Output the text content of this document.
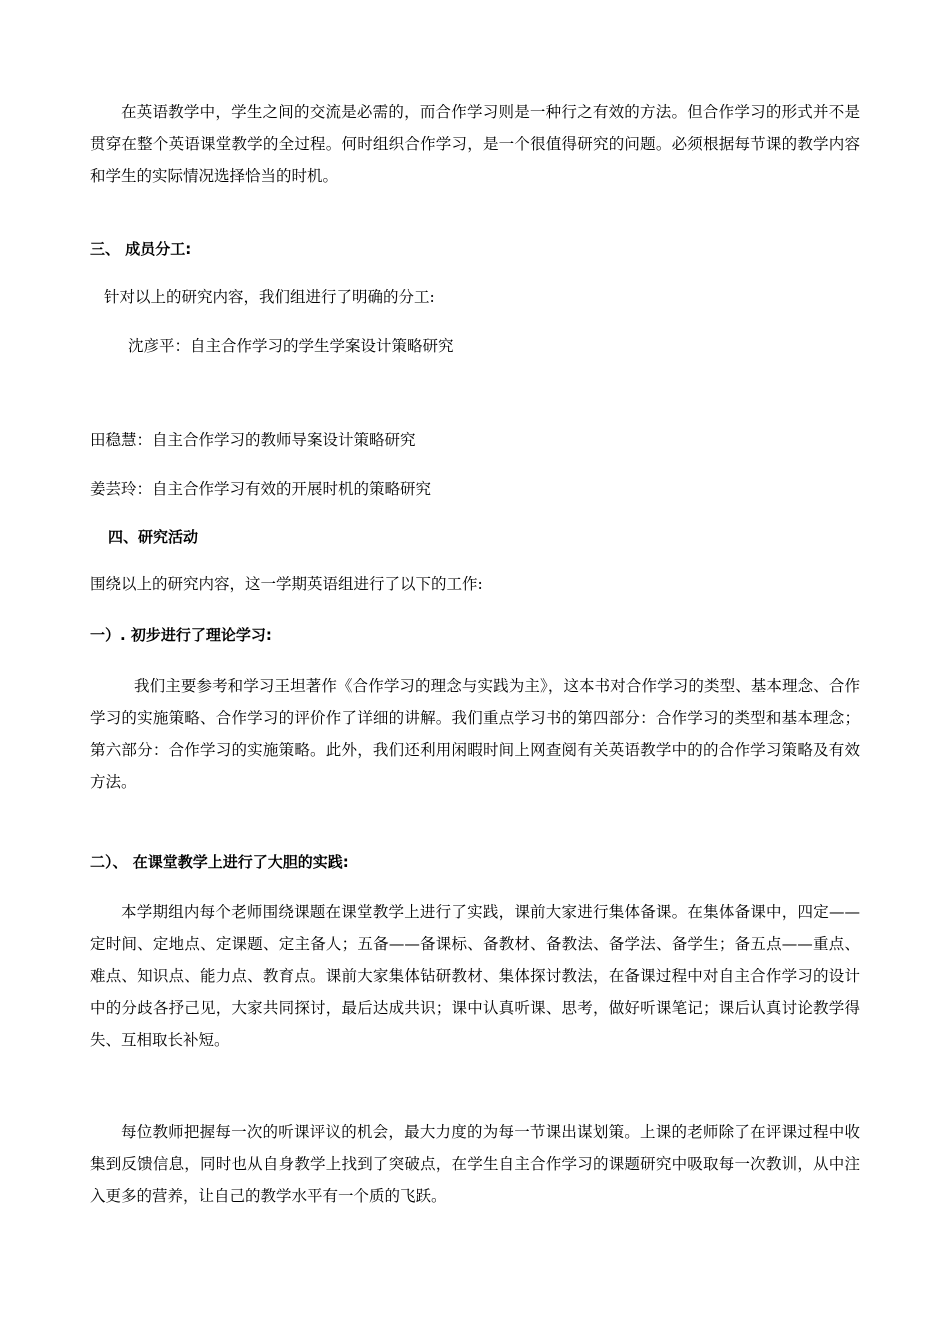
在英语教学中，学生之间的交流是必需的，而合作学习则是一种行之有效的方法。但合作学习的形式并不是贯穿在整个英语课堂教学的全过程。何时组织合作学习，是一个很值得研究的问题。必须根据每节课的教学内容和学生的实际情况选择恰当的时机。

三、 成员分工:

针对以上的研究内容，我们组进行了明确的分工:

沈彦平：自主合作学习的学生学案设计策略研究

田稳慧：自主合作学习的教师导案设计策略研究

姜芸玲：自主合作学习有效的开展时机的策略研究

四、研究活动

围绕以上的研究内容，这一学期英语组进行了以下的工作:

一）. 初步进行了理论学习:

我们主要参考和学习王坦著作《合作学习的理念与实践为主》，这本书对合作学习的类型、基本理念、合作学习的实施策略、合作学习的评价作了详细的讲解。我们重点学习书的第四部分：合作学习的类型和基本理念；第六部分：合作学习的实施策略。此外，我们还利用闲暇时间上网查阅有关英语教学中的的合作学习策略及有效方法。

二）、 在课堂教学上进行了大胆的实践:

本学期组内每个老师围绕课题在课堂教学上进行了实践，课前大家进行集体备课。在集体备课中，四定—— 定时间、定地点、定课题、定主备人；五备——备课标、备教材、备教法、备学法、备学生；备五点——重点、难点、知识点、能力点、教育点。课前大家集体钻研教材、集体探讨教法，在备课过程中对自主合作学习的设计中的分歧各抒己见，大家共同探讨，最后达成共识；课中认真听课、思考，做好听课笔记；课后认真讨论教学得失、互相取长补短。

每位教师把握每一次的听课评议的机会，最大力度的为每一节课出谋划策。上课的老师除了在评课过程中收集到反馈信息，同时也从自身教学上找到了突破点，在学生自主合作学习的课题研究中吸取每一次教训，从中注入更多的营养，让自己的教学水平有一个质的飞跃。
